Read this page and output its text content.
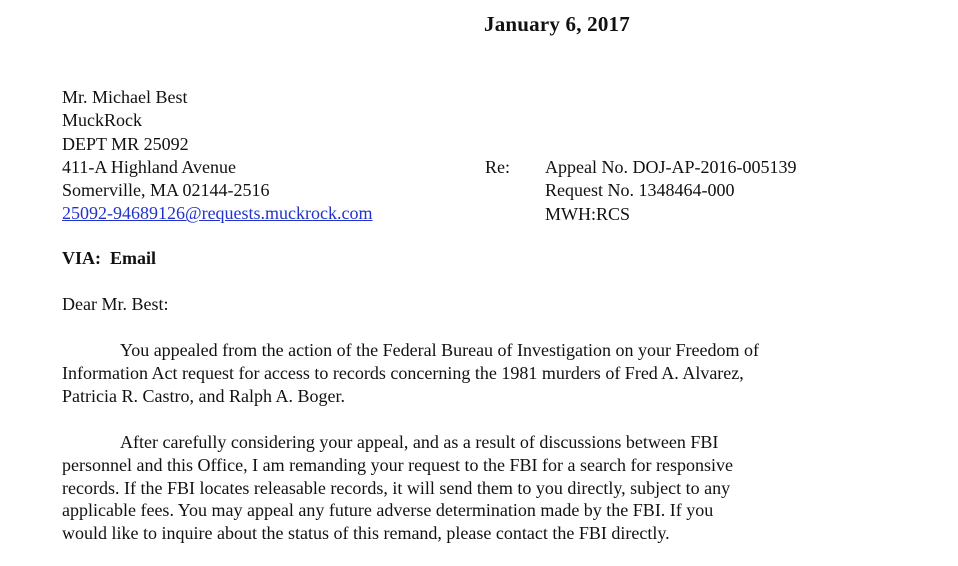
January 6, 2017
Mr. Michael Best
MuckRock
DEPT MR 25092
411-A Highland Avenue
Somerville, MA 02144-2516
25092-94689126@requests.muckrock.com
Re: Appeal No. DOJ-AP-2016-005139
Request No. 1348464-000
MWH:RCS
VIA:  Email
Dear Mr. Best:
You appealed from the action of the Federal Bureau of Investigation on your Freedom of
Information Act request for access to records concerning the 1981 murders of Fred A. Alvarez,
Patricia R. Castro, and Ralph A. Boger.
After carefully considering your appeal, and as a result of discussions between FBI
personnel and this Office, I am remanding your request to the FBI for a search for responsive
records. If the FBI locates releasable records, it will send them to you directly, subject to any
applicable fees. You may appeal any future adverse determination made by the FBI. If you
would like to inquire about the status of this remand, please contact the FBI directly.
